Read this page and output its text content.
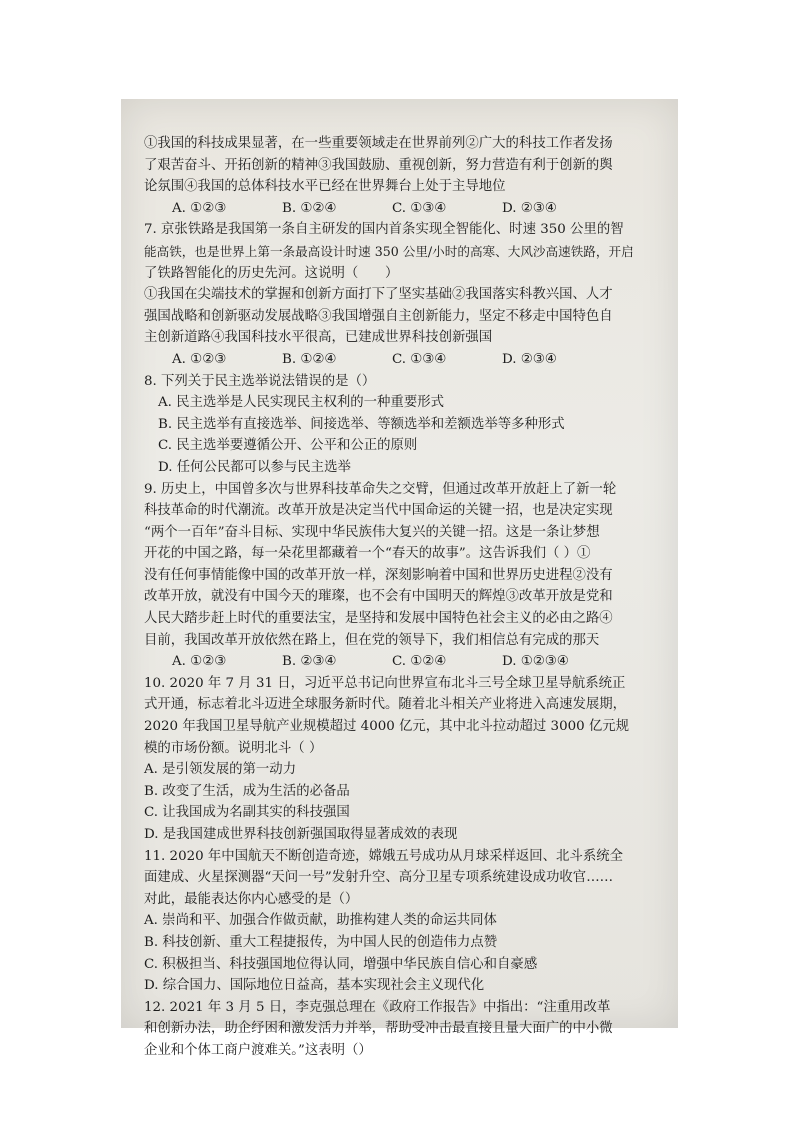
①我国的科技成果显著，在一些重要领域走在世界前列②广大的科技工作者发扬

了艰苦奋斗、开拓创新的精神③我国鼓励、重视创新，努力营造有利于创新的舆

论氛围④我国的总体科技水平已经在世界舞台上处于主导地位

A. ①②③	B. ①②④	C. ①③④	D. ②③④

7. 京张铁路是我国第一条自主研发的国内首条实现全智能化、时速 350 公里的智

能高铁，也是世界上第一条最高设计时速 350 公里/小时的高寒、大风沙高速铁路，开启

了铁路智能化的历史先河。这说明（　　）

①我国在尖端技术的掌握和创新方面打下了坚实基础②我国落实科教兴国、人才

强国战略和创新驱动发展战略③我国增强自主创新能力，坚定不移走中国特色自

主创新道路④我国科技水平很高，已建成世界科技创新强国

A. ①②③	B. ①②④	C. ①③④	D. ②③④

8. 下列关于民主选举说法错误的是（）

A. 民主选举是人民实现民主权利的一种重要形式

B. 民主选举有直接选举、间接选举、等额选举和差额选举等多种形式

C. 民主选举要遵循公开、公平和公正的原则

D. 任何公民都可以参与民主选举

9. 历史上，中国曾多次与世界科技革命失之交臂，但通过改革开放赶上了新一轮

科技革命的时代潮流。改革开放是决定当代中国命运的关键一招，也是决定实现

“两个一百年”奋斗目标、实现中华民族伟大复兴的关键一招。这是一条让梦想

开花的中国之路，每一朵花里都藏着一个“春天的故事”。这告诉我们（ ）①

没有任何事情能像中国的改革开放一样，深刻影响着中国和世界历史进程②没有

改革开放，就没有中国今天的璀璨，也不会有中国明天的辉煌③改革开放是党和

人民大踏步赶上时代的重要法宝，是坚持和发展中国特色社会主义的必由之路④

目前，我国改革开放依然在路上，但在党的领导下，我们相信总有完成的那天

A. ①②③	B. ②③④	C. ①②④	D. ①②③④

10. 2020 年 7 月 31 日，习近平总书记向世界宣布北斗三号全球卫星导航系统正

式开通，标志着北斗迈进全球服务新时代。随着北斗相关产业将进入高速发展期，

2020 年我国卫星导航产业规模超过 4000 亿元，其中北斗拉动超过 3000 亿元规

模的市场份额。说明北斗（ ）

A. 是引领发展的第一动力

B. 改变了生活，成为生活的必备品

C. 让我国成为名副其实的科技强国

D. 是我国建成世界科技创新强国取得显著成效的表现

11. 2020 年中国航天不断创造奇迹，嫦娥五号成功从月球采样返回、北斗系统全

面建成、火星探测器“天问一号”发射升空、高分卫星专项系统建设成功收官……

对此，最能表达你内心感受的是（）

A. 崇尚和平、加强合作做贡献，助推构建人类的命运共同体

B. 科技创新、重大工程捷报传，为中国人民的创造伟力点赞

C. 积极担当、科技强国地位得认同，增强中华民族自信心和自豪感

D. 综合国力、国际地位日益高，基本实现社会主义现代化

12. 2021 年 3 月 5 日，李克强总理在《政府工作报告》中指出：“注重用改革

和创新办法，助企纾困和激发活力并举，帮助受冲击最直接且量大面广的中小微

企业和个体工商户渡难关。”这表明（）
